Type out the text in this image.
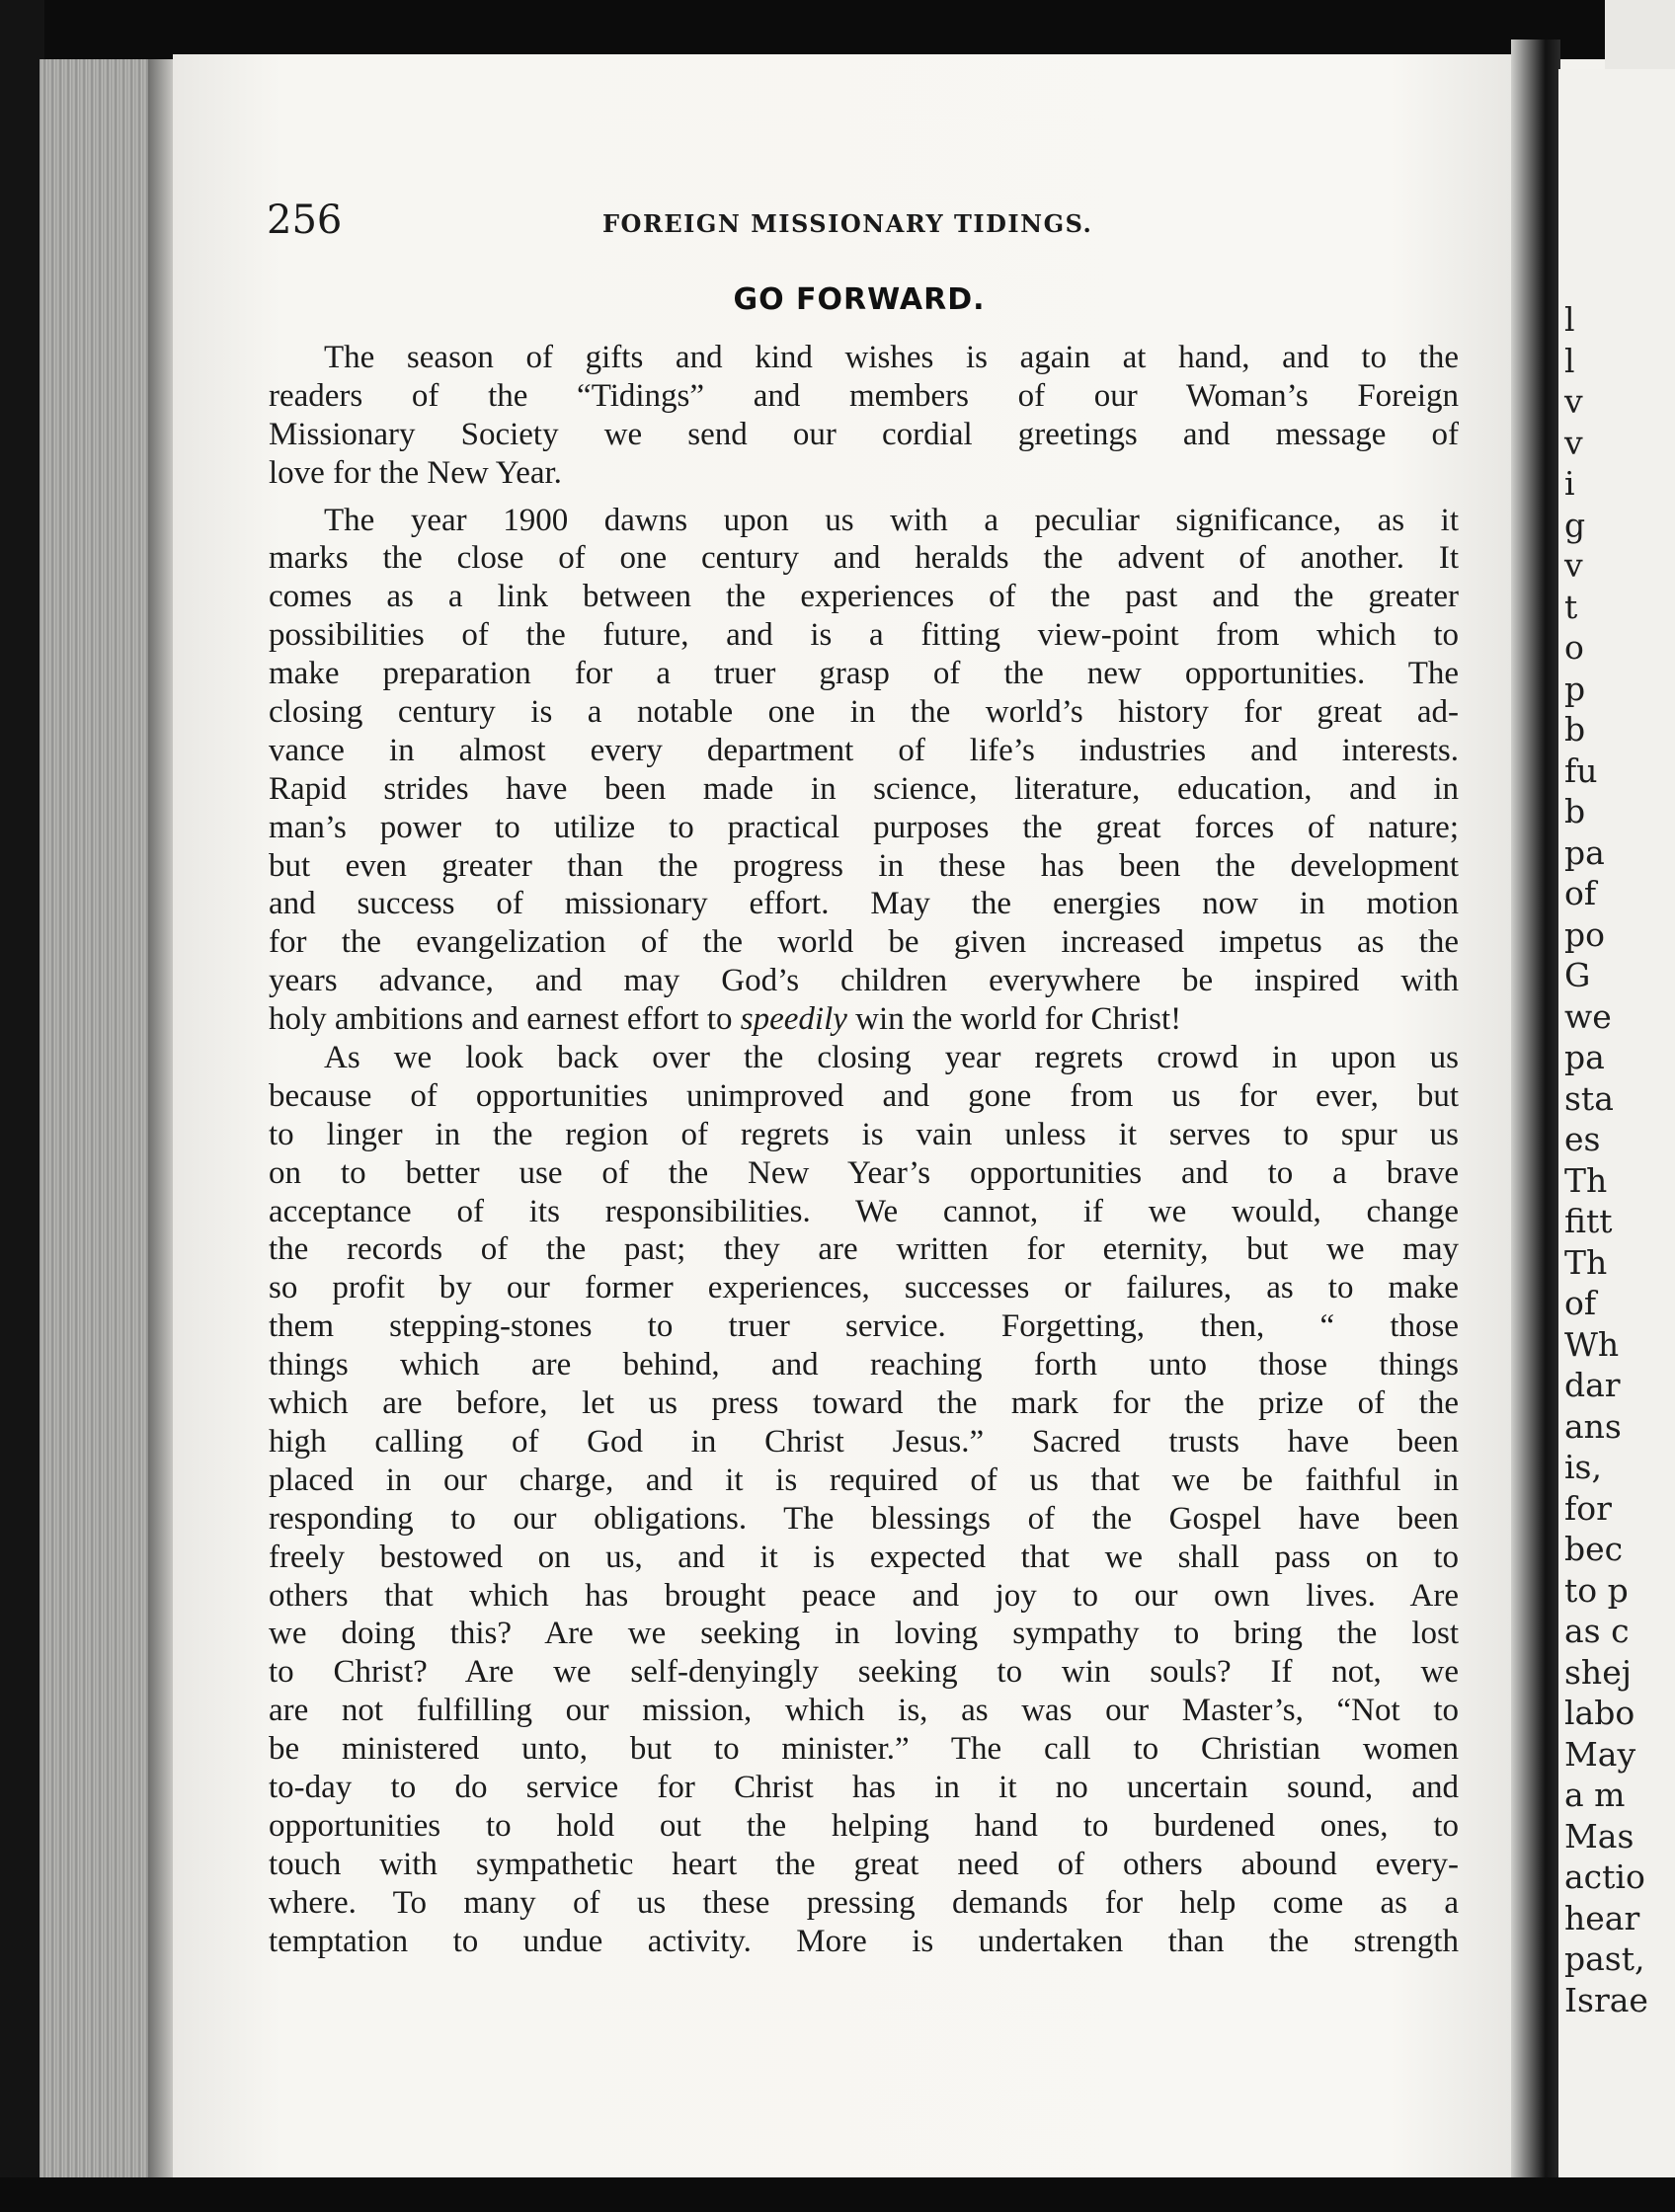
l
l
v
v
i
g
v
t
o
p
b
fu
b
pa
of
po
G
we
pa
sta
es
Th
fitt
Th
of
Wh
dar
ans
is,
for
bec
to p
as c
shej
labo
May
a m
Mas
actio
hear
past,
Israe
256	FOREIGN MISSIONARY TIDINGS.
GO FORWARD.
The season of gifts and kind wishes is again at hand, and to the
readers of the “Tidings” and members of our Woman’s Foreign
Missionary Society we send our cordial greetings and message of
love for the New Year.
The year 1900 dawns upon us with a peculiar significance, as it
marks the close of one century and heralds the advent of another. It
comes as a link between the experiences of the past and the greater
possibilities of the future, and is a fitting view-point from which to
make preparation for a truer grasp of the new opportunities. The
closing century is a notable one in the world’s history for great ad-
vance in almost every department of life’s industries and interests.
Rapid strides have been made in science, literature, education, and in
man’s power to utilize to practical purposes the great forces of nature;
but even greater than the progress in these has been the development
and success of missionary effort. May the energies now in motion
for the evangelization of the world be given increased impetus as the
years advance, and may God’s children everywhere be inspired with
holy ambitions and earnest effort to speedily win the world for Christ!
As we look back over the closing year regrets crowd in upon us
because of opportunities unimproved and gone from us for ever, but
to linger in the region of regrets is vain unless it serves to spur us
on to better use of the New Year’s opportunities and to a brave
acceptance of its responsibilities. We cannot, if we would, change
the records of the past; they are written for eternity, but we may
so profit by our former experiences, successes or failures, as to make
them stepping-stones to truer service. Forgetting, then, “ those
things which are behind, and reaching forth unto those things
which are before, let us press toward the mark for the prize of the
high calling of God in Christ Jesus.” Sacred trusts have been
placed in our charge, and it is required of us that we be faithful in
responding to our obligations. The blessings of the Gospel have been
freely bestowed on us, and it is expected that we shall pass on to
others that which has brought peace and joy to our own lives. Are
we doing this? Are we seeking in loving sympathy to bring the lost
to Christ? Are we self-denyingly seeking to win souls? If not, we
are not fulfilling our mission, which is, as was our Master’s, “Not to
be ministered unto, but to minister.” The call to Christian women
to-day to do service for Christ has in it no uncertain sound, and
opportunities to hold out the helping hand to burdened ones, to
touch with sympathetic heart the great need of others abound every-
where. To many of us these pressing demands for help come as a
temptation to undue activity. More is undertaken than the strength
